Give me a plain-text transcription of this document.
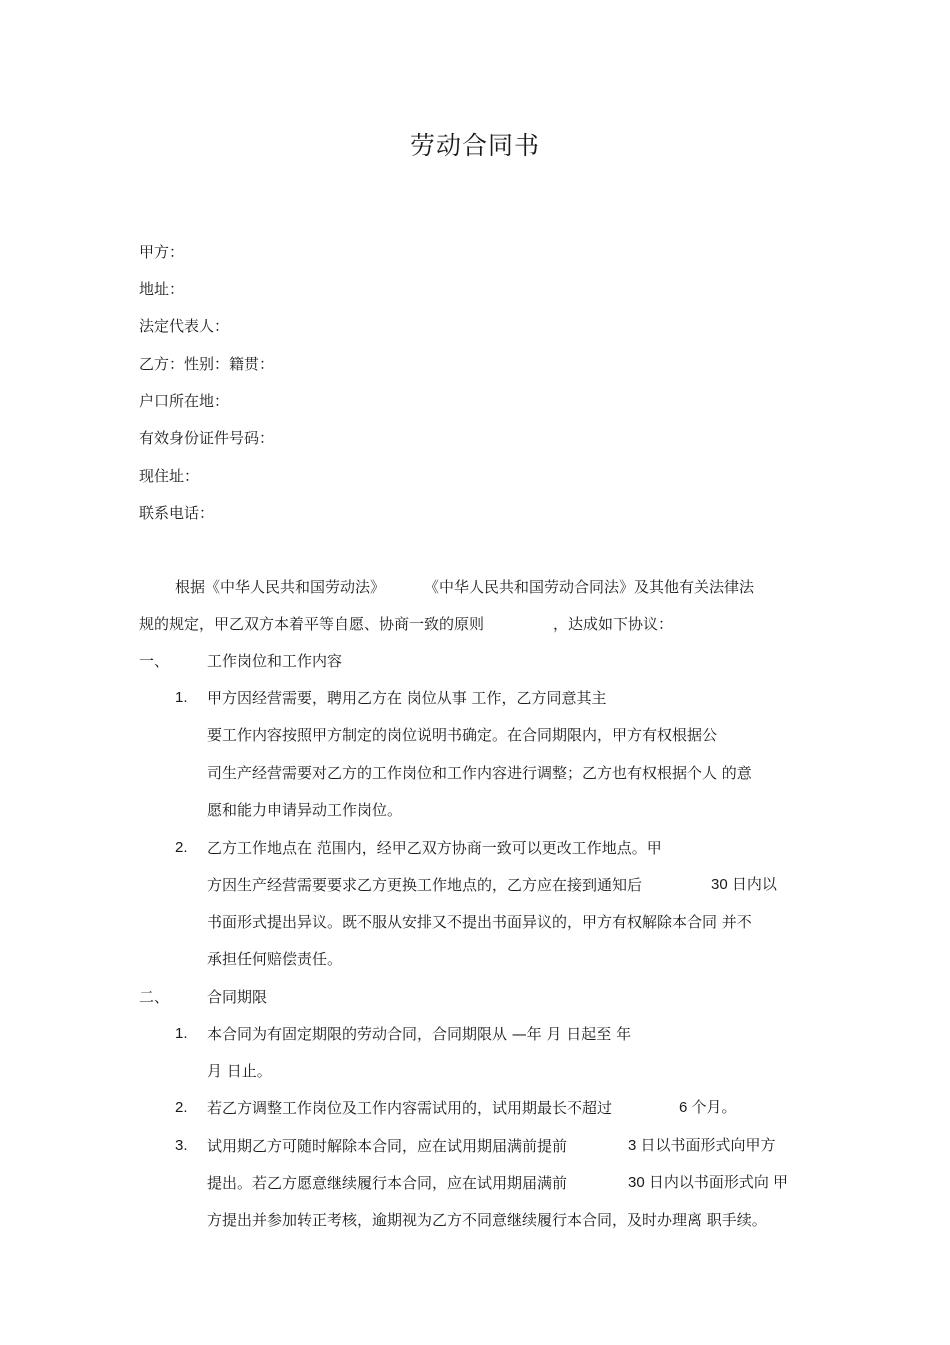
劳动合同书
甲方：
地址：
法定代表人：
乙方：性别：籍贯：
户口所在地：
有效身份证件号码：
现住址：
联系电话：
根据《中华人民共和国劳动法》	《中华人民共和国劳动合同法》及其他有关法律法
规的规定，甲乙双方本着平等自愿、协商一致的原则	，达成如下协议：
一、	工作岗位和工作内容
1. 甲方因经营需要，聘用乙方在 岗位从事 工作，乙方同意其主
要工作内容按照甲方制定的岗位说明书确定。在合同期限内，甲方有权根据公
司生产经营需要对乙方的工作岗位和工作内容进行调整；乙方也有权根据个人 的意
愿和能力申请异动工作岗位。
2. 乙方工作地点在 范围内，经甲乙双方协商一致可以更改工作地点。甲
方因生产经营需要要求乙方更换工作地点的，乙方应在接到通知后	30 日内以
书面形式提出异议。既不服从安排又不提出书面异议的，甲方有权解除本合同 并不
承担任何赔偿责任。
二、	合同期限
1. 本合同为有固定期限的劳动合同，合同期限从 —年 月 日起至 年
月 日止。
2. 若乙方调整工作岗位及工作内容需试用的，试用期最长不超过	6 个月。
3. 试用期乙方可随时解除本合同，应在试用期届满前提前	3 日以书面形式向甲方
提出。若乙方愿意继续履行本合同，应在试用期届满前	30 日内以书面形式向 甲
方提出并参加转正考核，逾期视为乙方不同意继续履行本合同，及时办理离 职手续。
